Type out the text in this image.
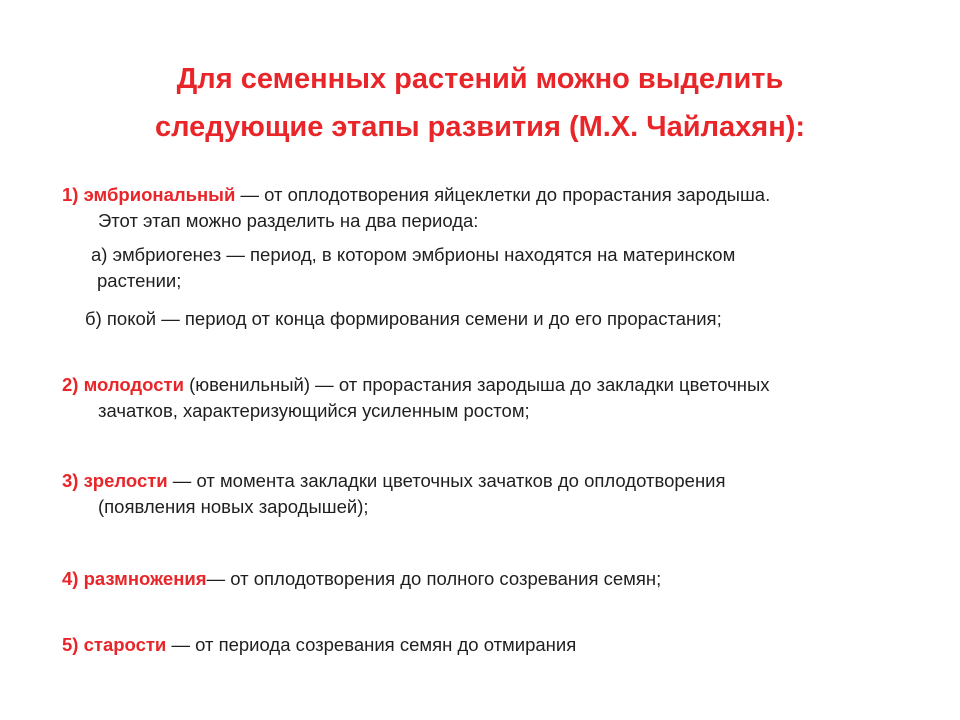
Для семенных растений можно выделить
следующие этапы развития (М.Х. Чайлахян):

1) эмбриональный — от оплодотворения яйцеклетки до прорастания зародыша.
Этот этап можно разделить на два периода:

а) эмбриогенез — период, в котором эмбрионы находятся на материнском
растении;

б) покой — период от конца формирования семени и до его прорастания;

2) молодости (ювенильный) — от прорастания зародыша до закладки цветочных
зачатков, характеризующийся усиленным ростом;

3) зрелости — от момента закладки цветочных зачатков до оплодотворения
(появления новых зародышей);

4) размножения— от оплодотворения до полного созревания семян;

5) старости — от периода созревания семян до отмирания
